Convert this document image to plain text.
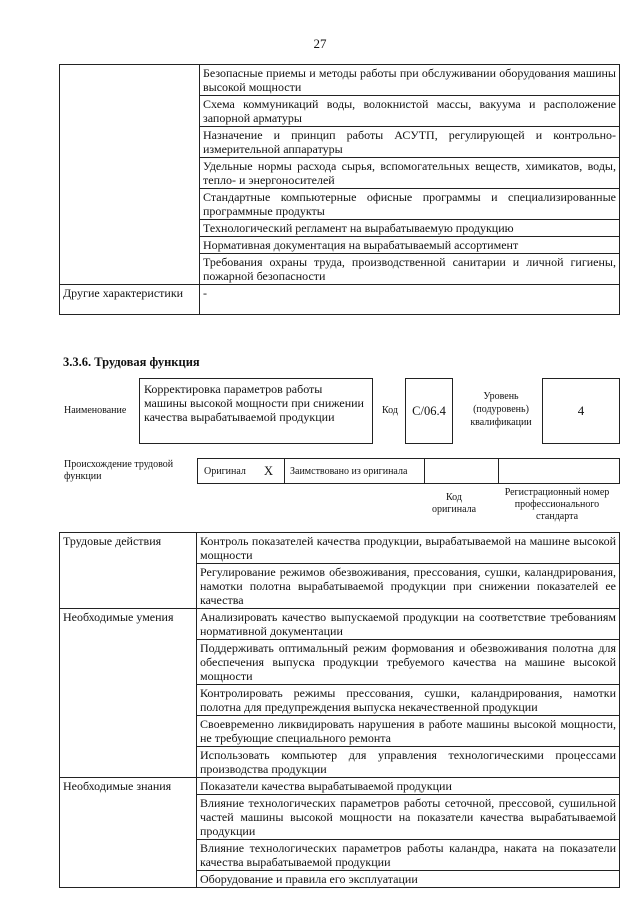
27
	Безопасные приемы и методы работы при обслуживании оборудования машины высокой мощности
	Схема коммуникаций воды, волокнистой массы, вакуума и расположение запорной арматуры
	Назначение и принцип работы АСУТП, регулирующей и контрольно-измерительной аппаратуры
	Удельные нормы расхода сырья, вспомогательных веществ, химикатов, воды, тепло- и энергоносителей
	Стандартные компьютерные офисные программы и специализированные программные продукты
	Технологический регламент на вырабатываемую продукцию
	Нормативная документация на вырабатываемый ассортимент
	Требования охраны труда, производственной санитарии и личной гигиены, пожарной безопасности
Другие характеристики	-
3.3.6. Трудовая функция
Наименование
Корректировка параметров работы машины высокой мощности при снижении качества вырабатываемой продукции	Код	C/06.4
Уровень (подуровень) квалификации
4
Происхождение трудовой функции	Оригинал X Заимствовано из оригинала
Код оригинала
Регистрационный номер профессионального стандарта
Трудовые действия	Контроль показателей качества продукции, вырабатываемой на машине высокой мощности
	Регулирование режимов обезвоживания, прессования, сушки, каландрирования, намотки полотна вырабатываемой продукции при снижении показателей ее качества
Необходимые умения	Анализировать качество выпускаемой продукции на соответствие требованиям нормативной документации
	Поддерживать оптимальный режим формования и обезвоживания полотна для обеспечения выпуска продукции требуемого качества на машине высокой мощности
	Контролировать режимы прессования, сушки, каландрирования, намотки полотна для предупреждения выпуска некачественной продукции
	Своевременно ликвидировать нарушения в работе машины высокой мощности, не требующие специального ремонта
	Использовать компьютер для управления технологическими процессами производства продукции
Необходимые знания	Показатели качества вырабатываемой продукции
	Влияние технологических параметров работы сеточной, прессовой, сушильной частей машины высокой мощности на показатели качества вырабатываемой продукции
	Влияние технологических параметров работы каландра, наката на показатели качества вырабатываемой продукции
	Оборудование и правила его эксплуатации
